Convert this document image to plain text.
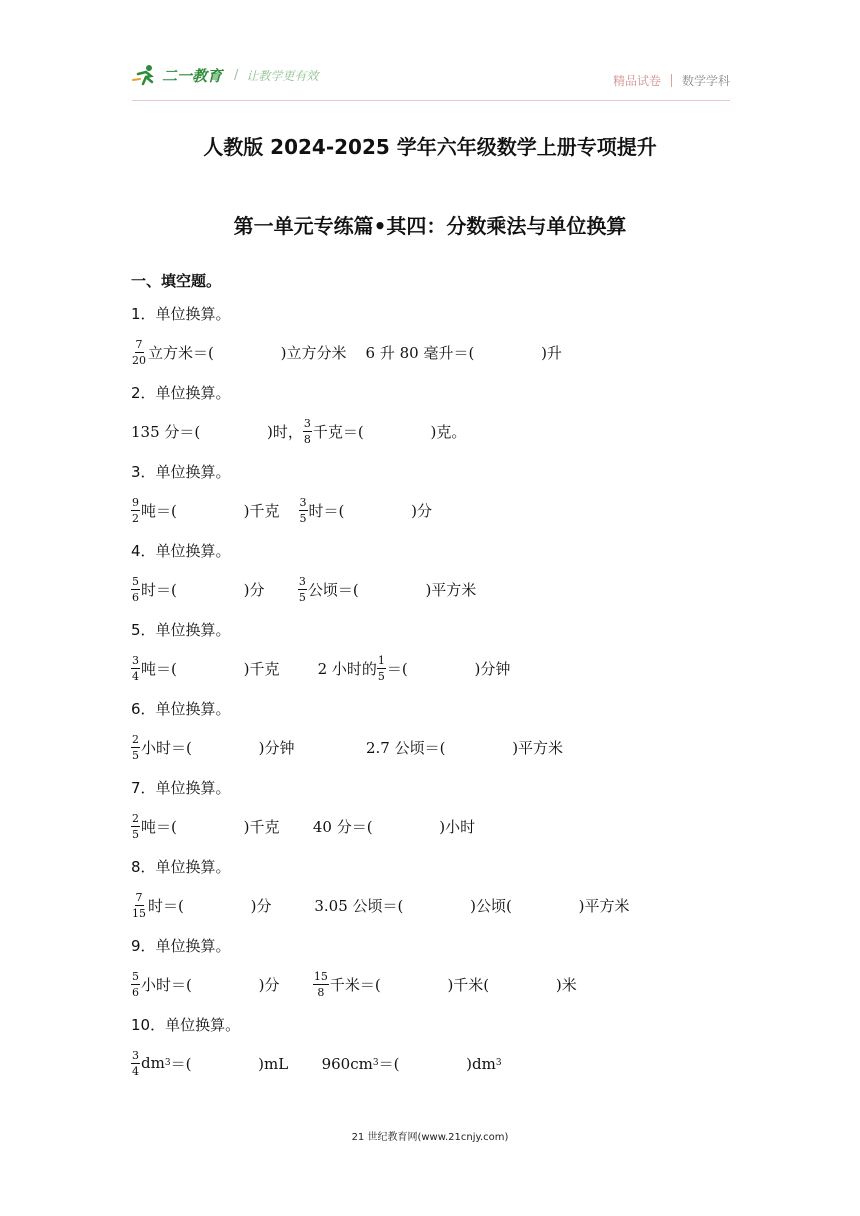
二一教育 / 让教学更有效	精品试卷 数学学科
人教版 2024-2025 学年六年级数学上册专项提升
第一单元专练篇•其四：分数乘法与单位换算
一、填空题。
1．单位换算。
$\frac{7}{20}$ 立方米＝(              )立方分米    6 升 80 毫升＝(              )升
2．单位换算。
135 分＝(              )时， $\frac{3}{8}$ 千克＝(              )克。
3．单位换算。
$\frac{9}{2}$ 吨＝(              )千克 $\frac{3}{5}$ 时＝(              )分
4．单位换算。
$\frac{5}{6}$ 时＝(              )分 $\frac{3}{5}$ 公顷＝(              )平方米
5．单位换算。
$\frac{3}{4}$ 吨＝(              )千克        2 小时的 $\frac{1}{5}$ ＝(              )分钟
6．单位换算。
$\frac{2}{5}$ 小时＝(              )分钟               2.7 公顷＝(              )平方米
7．单位换算。
$\frac{2}{5}$ 吨＝(              )千克       40 分＝(              )小时
8．单位换算。
$\frac{7}{15}$ 时＝(              )分         3.05 公顷＝(              )公顷(              )平方米
9．单位换算。
$\frac{5}{6}$ 小时＝(              )分 $\frac{15}{8}$ 千米＝(              )千米(              )米
10．单位换算。
$\frac{3}{4}$ dm 3 ＝(              )mL       960cm 3 ＝(              )dm 3
21 世纪教育网(www.21cnjy.com)
